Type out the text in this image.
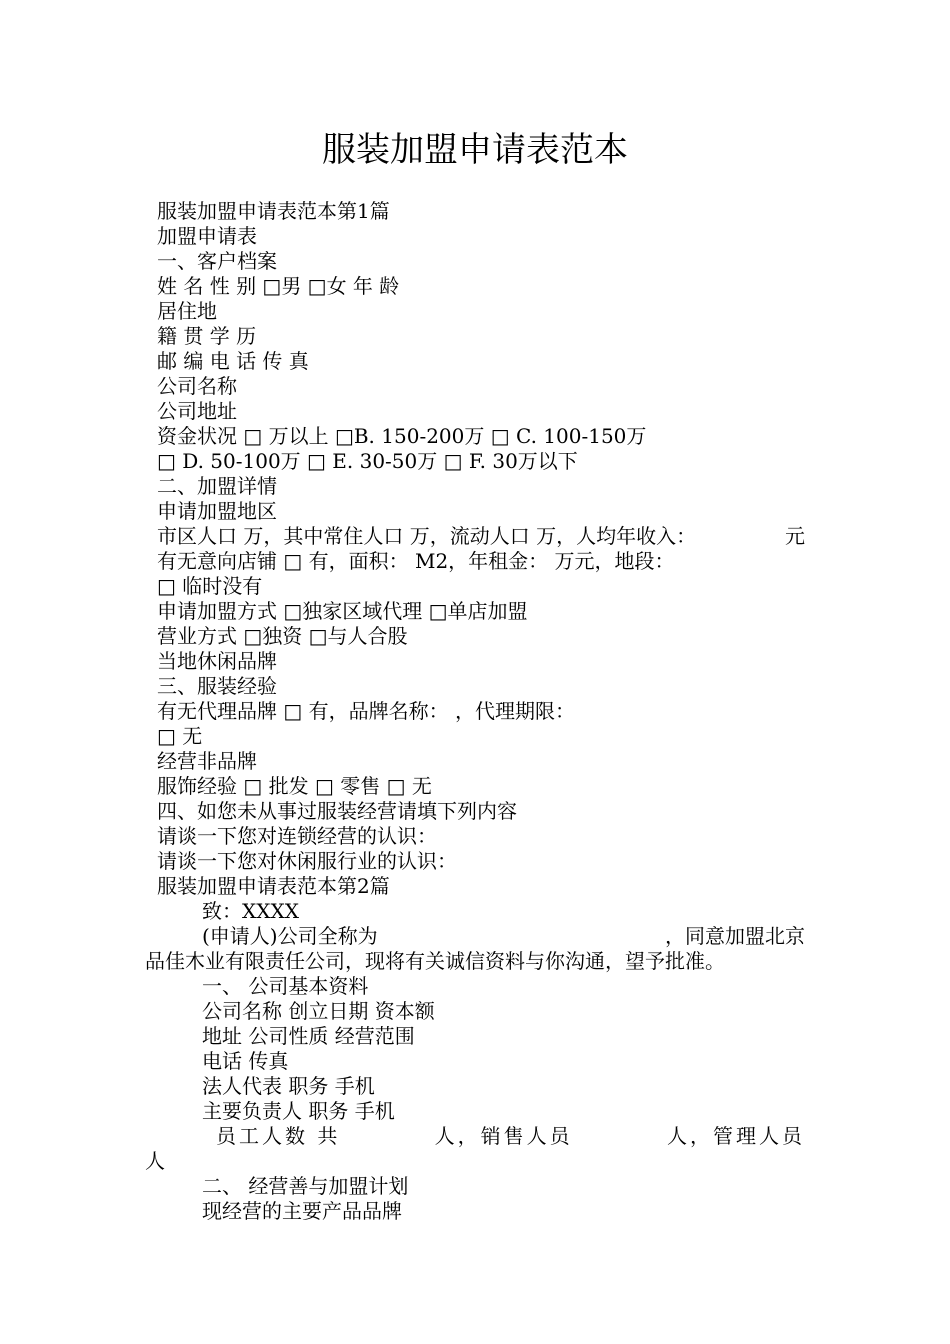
服装加盟申请表范本
服装加盟申请表范本第1篇
加盟申请表
一、客户档案
姓 名 性 别 □男 □女 年 龄
居住地
籍 贯 学 历
邮 编 电 话 传 真
公司名称
公司地址
资金状况 □ 万以上 □B. 150-200万 □ C. 100-150万
□ D. 50-100万 □ E. 30-50万 □ F. 30万以下
二、加盟详情
申请加盟地区
市区人口 万，其中常住人口 万，流动人口 万，人均年收入：	元
有无意向店铺 □ 有，面积： M2，年租金： 万元，地段：
□ 临时没有
申请加盟方式 □独家区域代理 □单店加盟
营业方式 □独资 □与人合股
当地休闲品牌
三、服装经验
有无代理品牌 □ 有，品牌名称： ，代理期限：
□ 无
经营非品牌
服饰经验 □ 批发 □ 零售 □ 无
四、如您未从事过服装经营请填下列内容
请谈一下您对连锁经营的认识：
请谈一下您对休闲服行业的认识：
服装加盟申请表范本第2篇
致：XXXX
(申请人)公司全称为	，同意加盟北京
品佳木业有限责任公司，现将有关诚信资料与你沟通，望予批准。
一、 公司基本资料
公司名称 创立日期 资本额
地址 公司性质 经营范围
电话 传真
法人代表 职务 手机
主要负责人 职务 手机
员工人数 共	人，销售人员	人，管理人员
人
二、 经营善与加盟计划
现经营的主要产品品牌
